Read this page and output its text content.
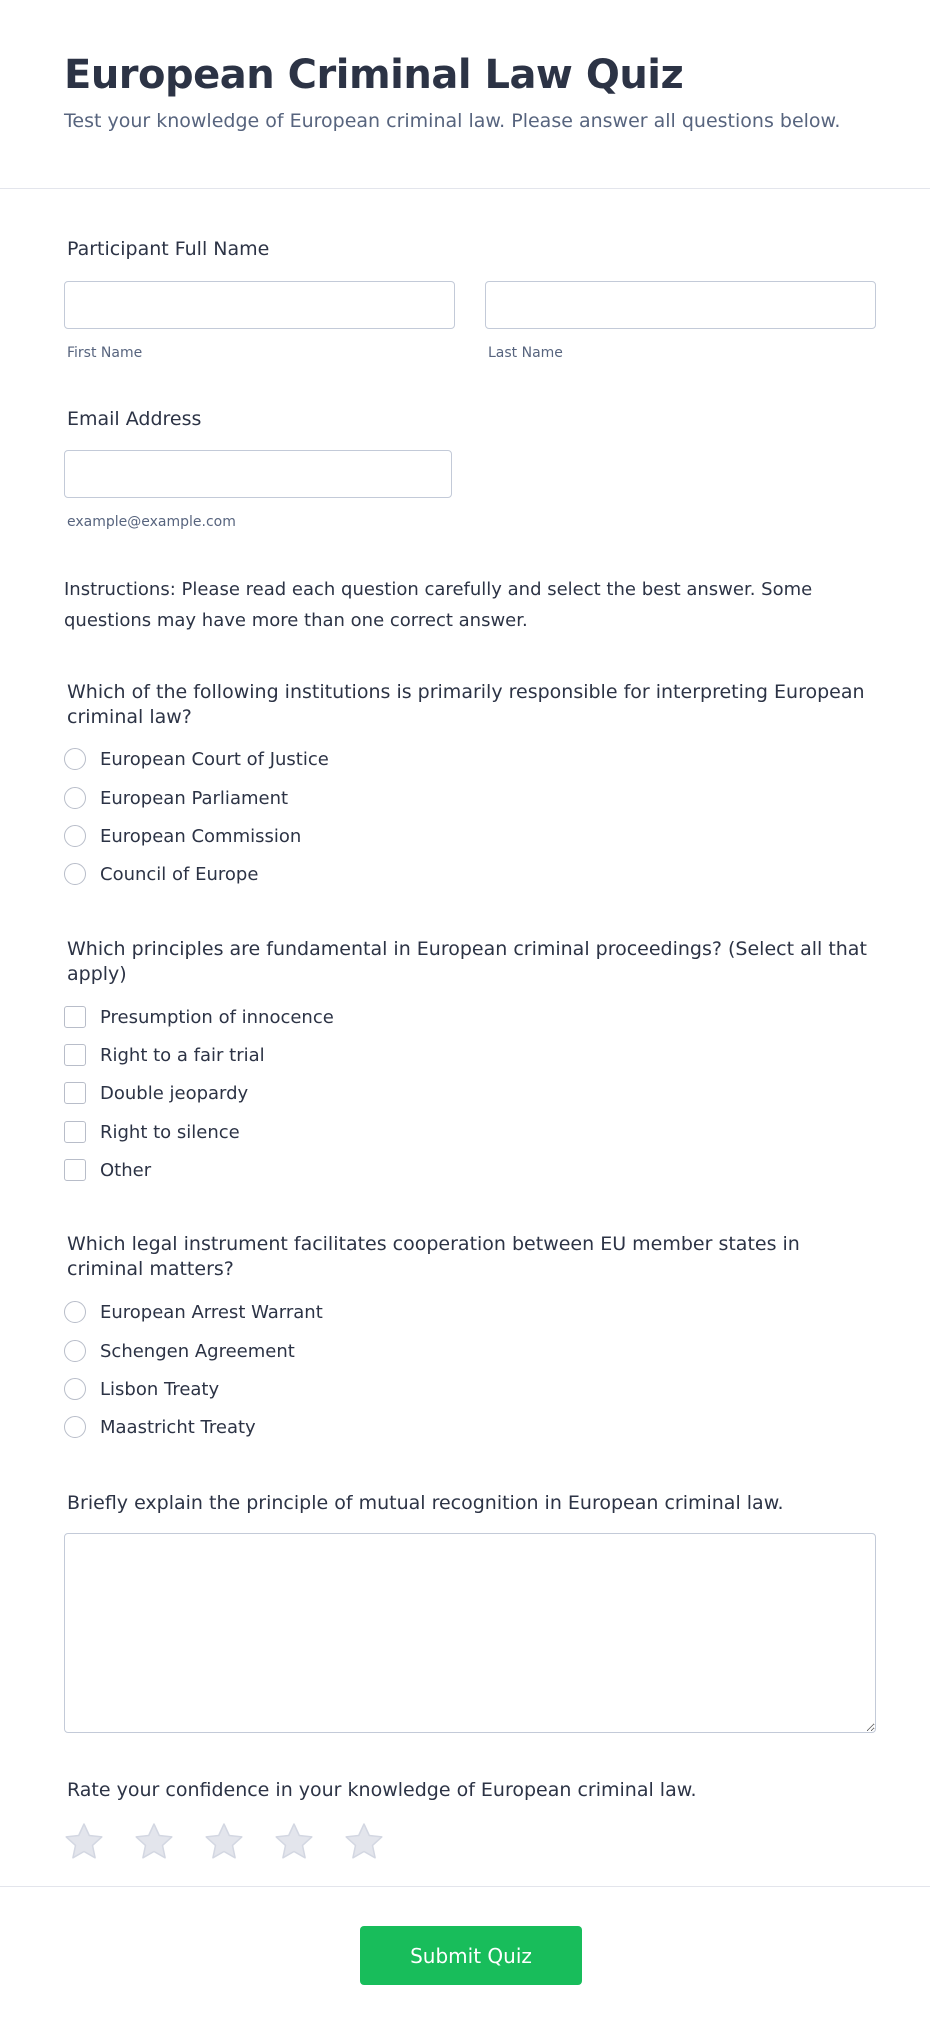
European Criminal Law Quiz

Test your knowledge of European criminal law. Please answer all questions below.

Participant Full Name
First Name	Last Name
Email Address
example@example.com

Instructions: Please read each question carefully and select the best answer. Some questions may have more than one correct answer.

Which of the following institutions is primarily responsible for interpreting European criminal law?

European Court of Justice
European Parliament
European Commission
Council of Europe

Which principles are fundamental in European criminal proceedings? (Select all that apply)

Presumption of innocence
Right to a fair trial
Double jeopardy
Right to silence
Other

Which legal instrument facilitates cooperation between EU member states in criminal matters?

European Arrest Warrant
Schengen Agreement
Lisbon Treaty
Maastricht Treaty

Briefly explain the principle of mutual recognition in European criminal law.

Rate your confidence in your knowledge of European criminal law.

Submit Quiz
